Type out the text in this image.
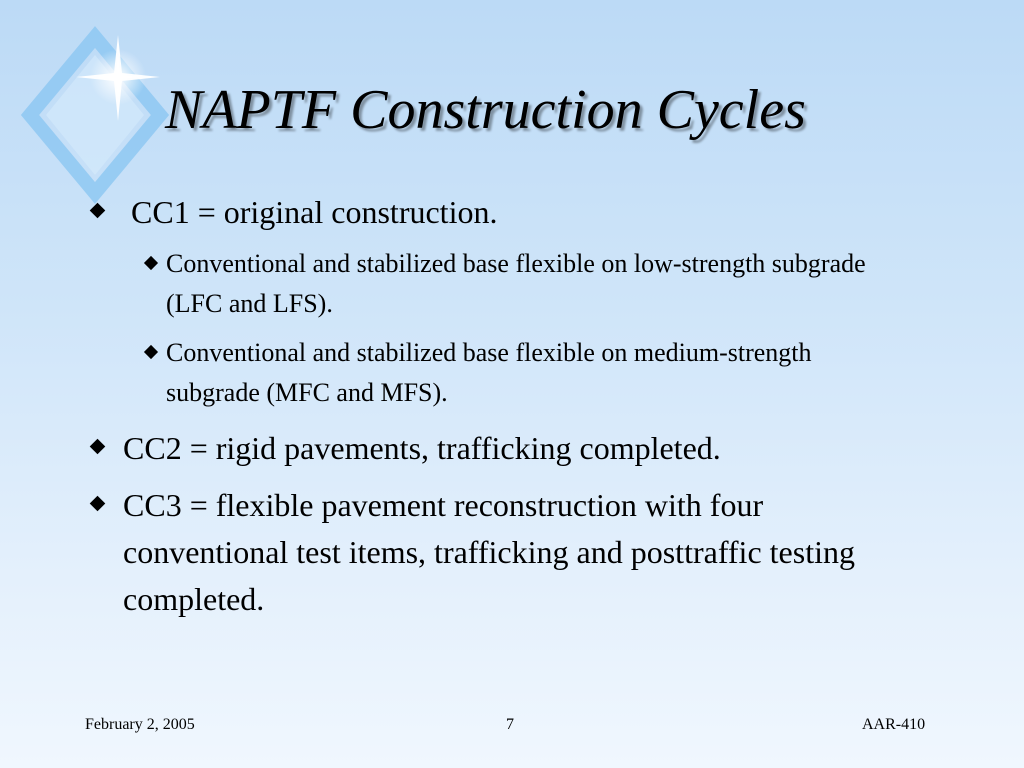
NAPTF Construction Cycles
CC1 = original construction.
Conventional and stabilized base flexible on low-strength subgrade (LFC and LFS).
Conventional and stabilized base flexible on medium-strength subgrade (MFC and MFS).
CC2 = rigid pavements, trafficking completed.
CC3 = flexible pavement reconstruction with four conventional test items, trafficking and posttraffic testing completed.
February 2, 2005	7	AAR-410
